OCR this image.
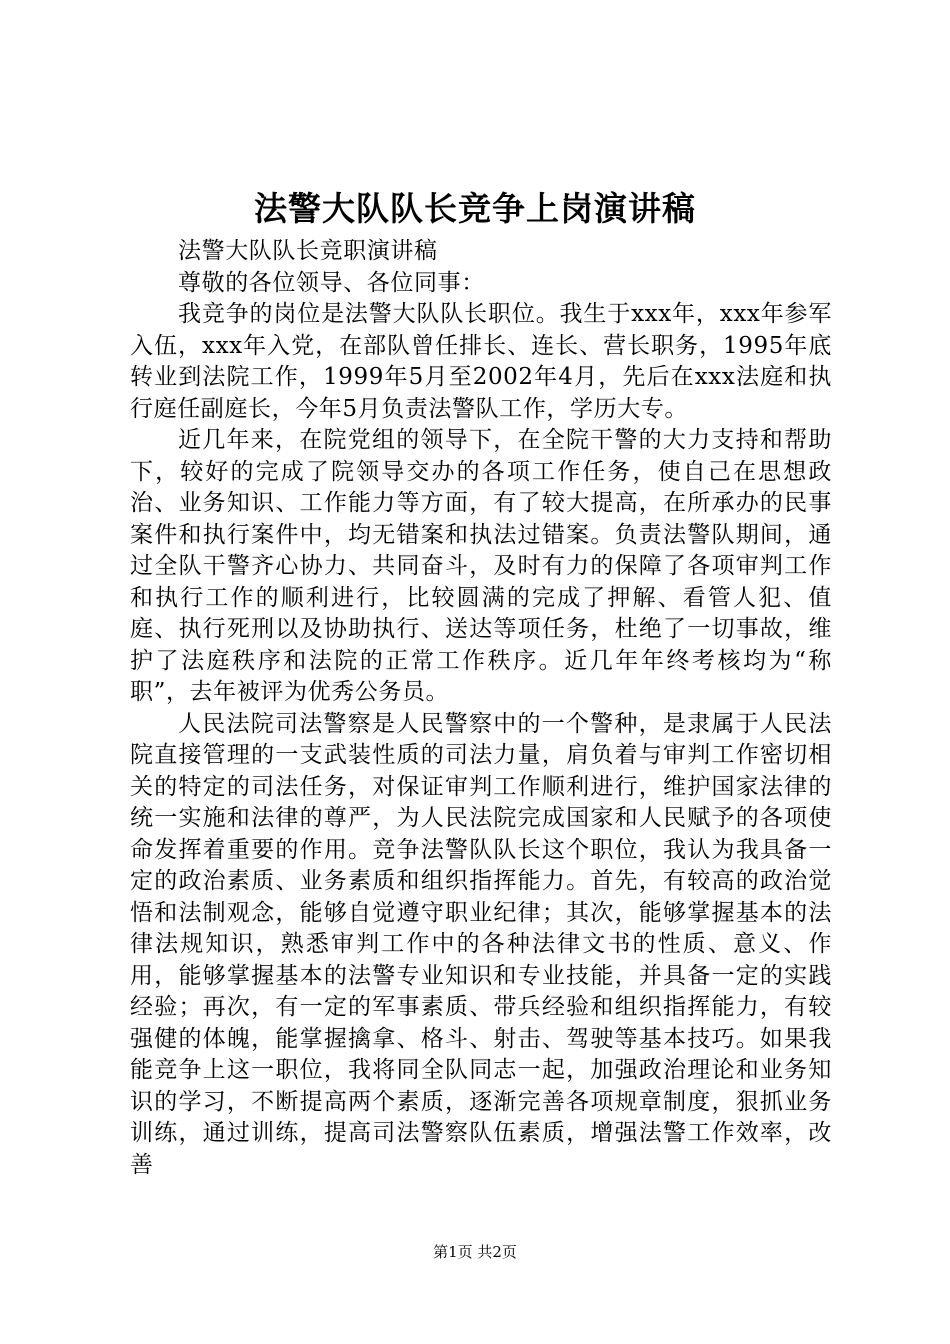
法警大队队长竞争上岗演讲稿

法警大队队长竞职演讲稿

尊敬的各位领导、各位同事：

我竞争的岗位是法警大队队长职位。我生于xxx年，xxx年参军入伍，xxx年入党，在部队曾任排长、连长、营长职务，1995年底转业到法院工作，1999年5月至2002年4月，先后在xxx法庭和执行庭任副庭长，今年5月负责法警队工作，学历大专。

近几年来，在院党组的领导下，在全院干警的大力支持和帮助下，较好的完成了院领导交办的各项工作任务，使自己在思想政治、业务知识、工作能力等方面，有了较大提高，在所承办的民事案件和执行案件中，均无错案和执法过错案。负责法警队期间，通过全队干警齐心协力、共同奋斗，及时有力的保障了各项审判工作和执行工作的顺利进行，比较圆满的完成了押解、看管人犯、值庭、执行死刑以及协助执行、送达等项任务，杜绝了一切事故，维护了法庭秩序和法院的正常工作秩序。近几年年终考核均为“称职”，去年被评为优秀公务员。

人民法院司法警察是人民警察中的一个警种，是隶属于人民法院直接管理的一支武装性质的司法力量，肩负着与审判工作密切相关的特定的司法任务，对保证审判工作顺利进行，维护国家法律的统一实施和法律的尊严，为人民法院完成国家和人民赋予的各项使命发挥着重要的作用。竞争法警队队长这个职位，我认为我具备一定的政治素质、业务素质和组织指挥能力。首先，有较高的政治觉悟和法制观念，能够自觉遵守职业纪律；其次，能够掌握基本的法律法规知识，熟悉审判工作中的各种法律文书的性质、意义、作用，能够掌握基本的法警专业知识和专业技能，并具备一定的实践经验；再次，有一定的军事素质、带兵经验和组织指挥能力，有较强健的体魄，能掌握擒拿、格斗、射击、驾驶等基本技巧。如果我能竞争上这一职位，我将同全队同志一起，加强政治理论和业务知识的学习，不断提高两个素质，逐渐完善各项规章制度，狠抓业务训练，通过训练，提高司法警察队伍素质，增强法警工作效率，改善

第1页 共2页
